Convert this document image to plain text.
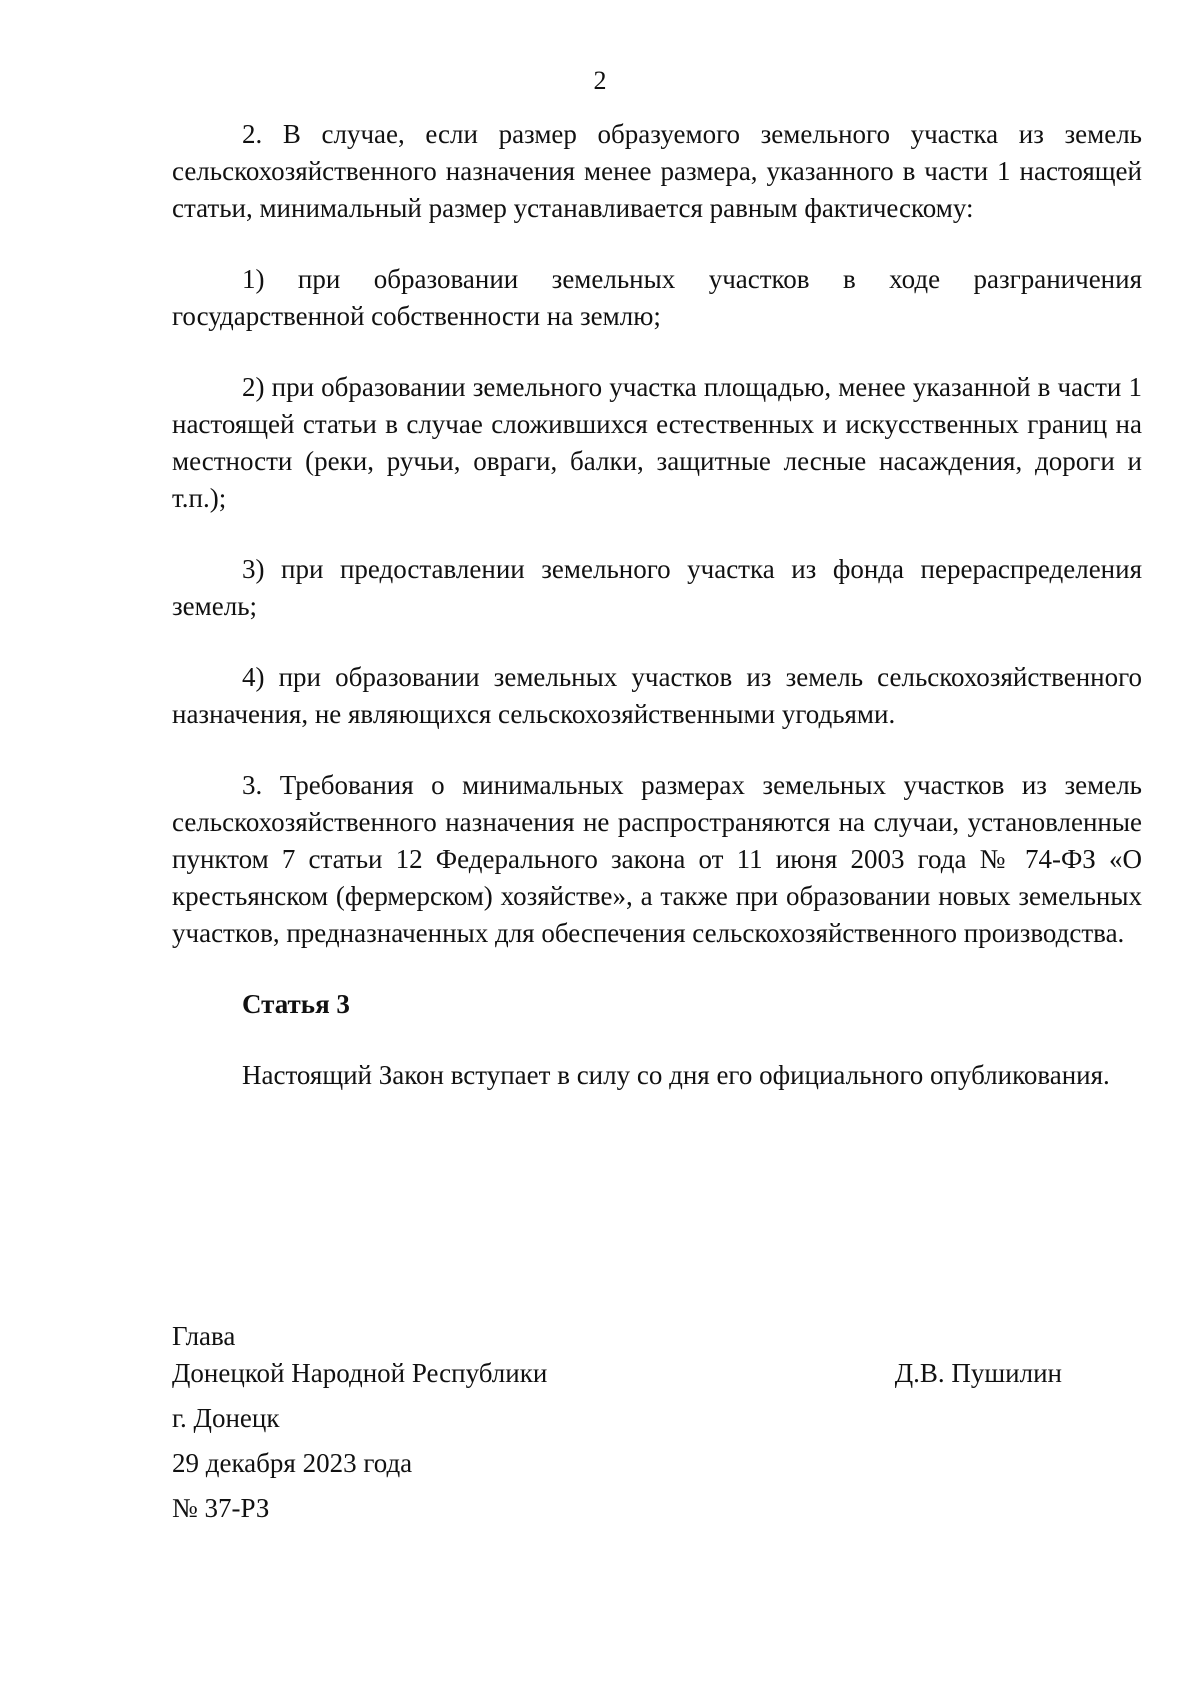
2

2. В случае, если размер образуемого земельного участка из земель сельскохозяйственного назначения менее размера, указанного в части 1 настоящей статьи, минимальный размер устанавливается равным фактическому:

1) при образовании земельных участков в ходе разграничения государственной собственности на землю;

2) при образовании земельного участка площадью, менее указанной в части 1 настоящей статьи в случае сложившихся естественных и искусственных границ на местности (реки, ручьи, овраги, балки, защитные лесные насаждения, дороги и т.п.);

3) при предоставлении земельного участка из фонда перераспределения земель;

4) при образовании земельных участков из земель сельскохозяйственного назначения, не являющихся сельскохозяйственными угодьями.

3. Требования о минимальных размерах земельных участков из земель сельскохозяйственного назначения не распространяются на случаи, установленные пунктом 7 статьи 12 Федерального закона от 11 июня 2003 года № 74-ФЗ «О крестьянском (фермерском) хозяйстве», а также при образовании новых земельных участков, предназначенных для обеспечения сельскохозяйственного производства.

Статья 3

Настоящий Закон вступает в силу со дня его официального опубликования.

Глава

Донецкой Народной Республики	Д.В. Пушилин

г. Донецк

29 декабря 2023 года

№ 37-РЗ
